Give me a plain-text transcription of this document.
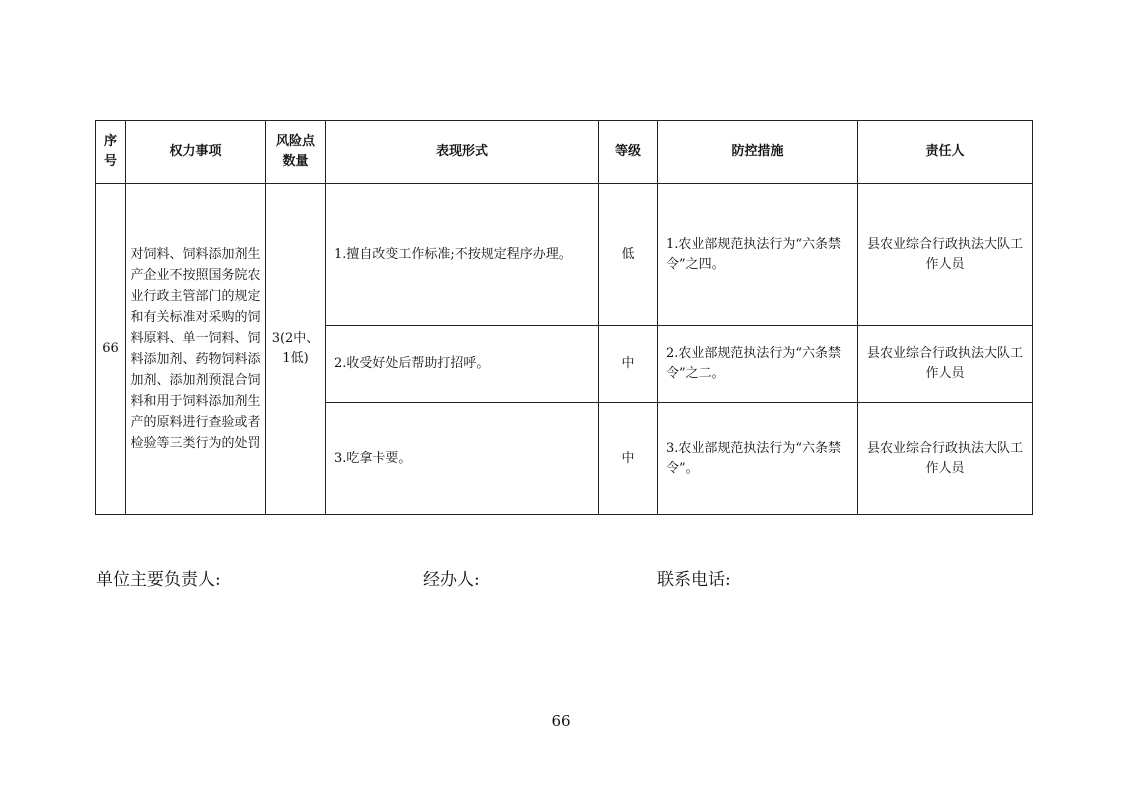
序号	权力事项	风险点数量	表现形式	等级	防控措施	责任人
66	对饲料、饲料添加剂生产企业不按照国务院农业行政主管部门的规定和有关标准对采购的饲料原料、单一饲料、饲料添加剂、药物饲料添加剂、添加剂预混合饲料和用于饲料添加剂生产的原料进行查验或者检验等三类行为的处罚	3(2中、1低)	1.擅自改变工作标准;不按规定程序办理。	低	1.农业部规范执法行为“六条禁令”之四。	县农业综合行政执法大队工作人员

			2.收受好处后帮助打招呼。	中	2.农业部规范执法行为“六条禁令”之二。	县农业综合行政执法大队工作人员

			3.吃拿卡要。	中	3.农业部规范执法行为“六条禁令”。	县农业综合行政执法大队工作人员
单位主要负责人:	经办人:	联系电话:
66
